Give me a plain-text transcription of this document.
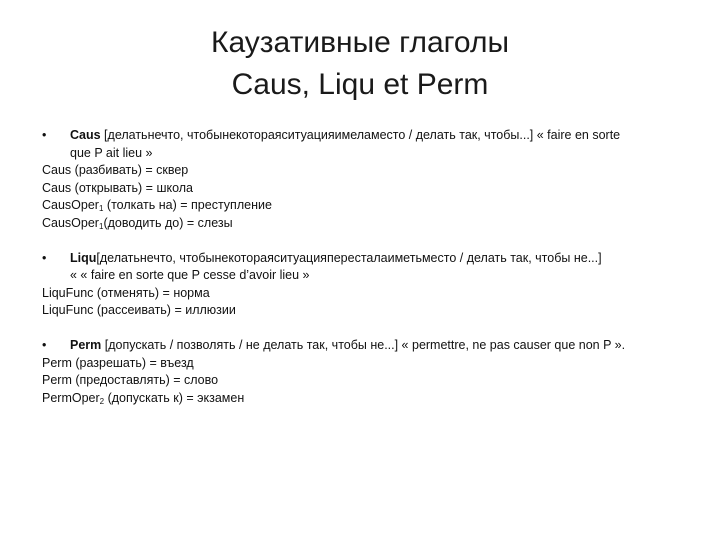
Каузативные глаголы
Caus, Liqu et Perm
•	Caus [делатьнечто, чтобынекотораяситуацияимеламесто / делать так, чтобы...] « faire en sorte
que P ait lieu »
Caus (разбивать) = сквер
Caus (открывать) = школа
CausOper$_1$ (толкать на) = преступление
CausOper$_1$(доводить до) = слезы
•	Liqu[делатьнечто, чтобынекотораяситуацияпересталаиметьместо / делать так, чтобы не...]
« « faire en sorte que P cesse d’avoir lieu »
LiquFunc (отменять) = норма
LiquFunc (рассеивать) = иллюзии
•	Perm [допускать / позволять / не делать так, чтобы не...] « permettre, ne pas causer que non P ».
Perm (разрешать) = въезд
Perm (предоставлять) = слово
PermOper$_2$ (допускать к) = экзамен
